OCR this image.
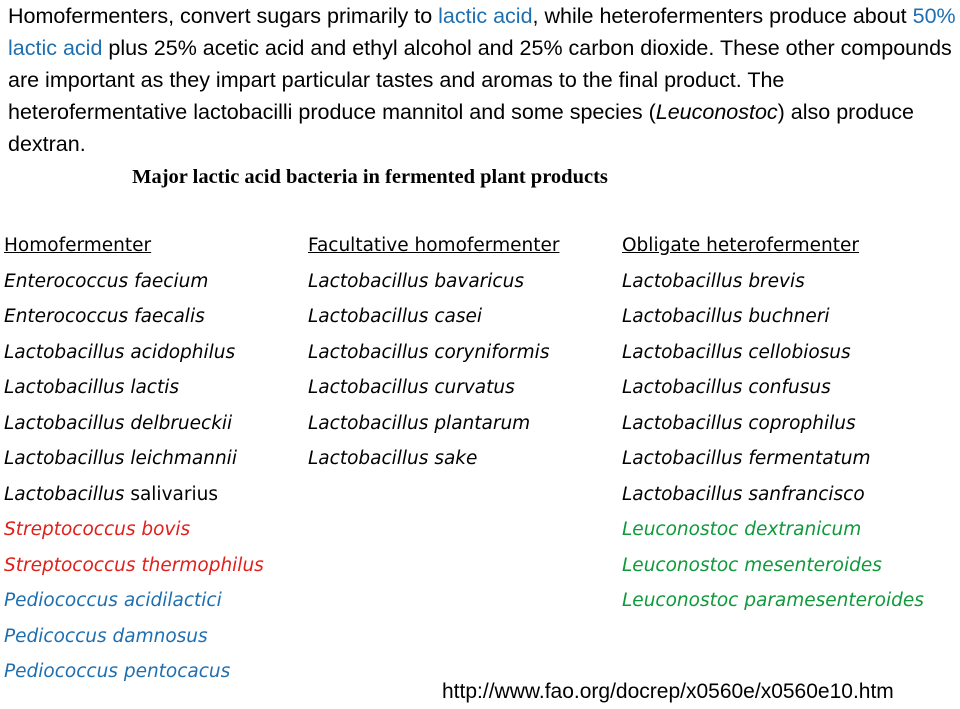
Homofermenters, convert sugars primarily to lactic acid, while heterofermenters produce about 50% lactic acid plus 25% acetic acid and ethyl alcohol and 25% carbon dioxide. These other compounds are important as they impart particular tastes and aromas to the final product. The heterofermentative lactobacilli produce mannitol and some species (Leuconostoc) also produce dextran.

Major lactic acid bacteria in fermented plant products
Homofermenter
Enterococcus faecium
Enterococcus faecalis
Lactobacillus acidophilus
Lactobacillus lactis
Lactobacillus delbrueckii
Lactobacillus leichmannii
Lactobacillus salivarius
Streptococcus bovis
Streptococcus thermophilus
Pediococcus acidilactici
Pedicoccus damnosus
Pediococcus pentocacus
Facultative homofermenter
Lactobacillus bavaricus
Lactobacillus casei
Lactobacillus coryniformis
Lactobacillus curvatus
Lactobacillus plantarum
Lactobacillus sake
Obligate heterofermenter
Lactobacillus brevis
Lactobacillus buchneri
Lactobacillus cellobiosus
Lactobacillus confusus
Lactobacillus coprophilus
Lactobacillus fermentatum
Lactobacillus sanfrancisco
Leuconostoc dextranicum
Leuconostoc mesenteroides
Leuconostoc paramesenteroides
http://www.fao.org/docrep/x0560e/x0560e10.htm
